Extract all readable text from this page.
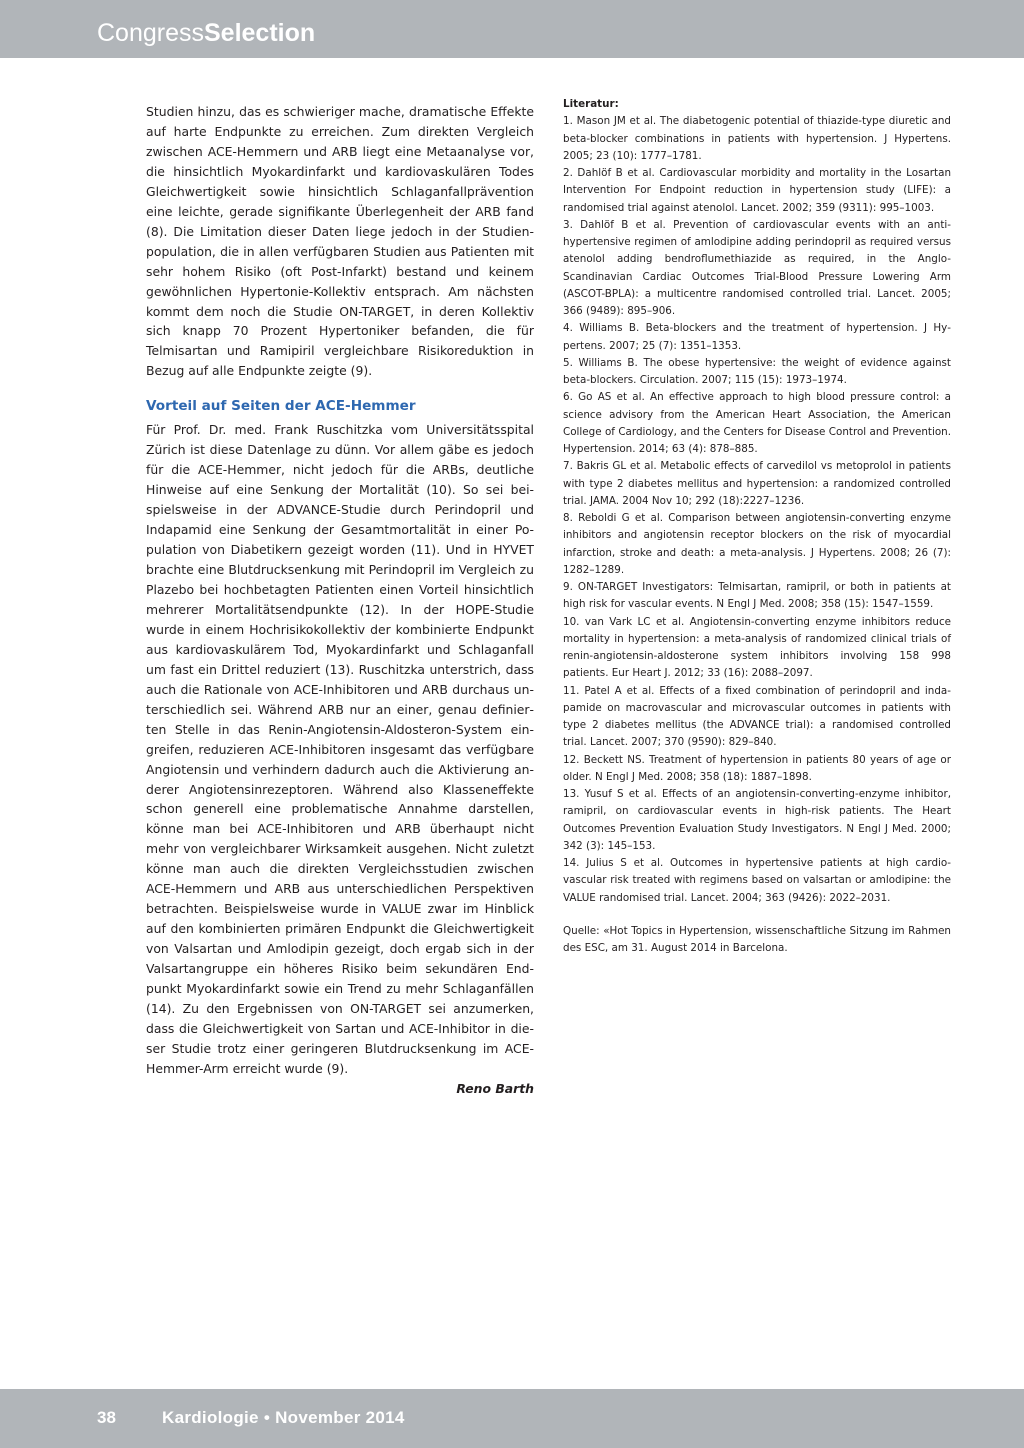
CongressSelection

Studien hinzu, das es schwieriger mache, dramatische Effekte auf harte Endpunkte zu erreichen. Zum direkten Vergleich zwischen ACE-Hemmern und ARB liegt eine Metaanalyse vor, die hinsichtlich Myokardinfarkt und kardiovaskulären Todes Gleichwertigkeit sowie hinsichtlich Schlaganfallprävention eine leichte, gerade signifikante Überlegenheit der ARB fand (8). Die Limitation dieser Daten liege jedoch in der Studienpopulation, die in allen verfügbaren Studien aus Patienten mit sehr hohem Risiko (oft Post-Infarkt) bestand und keinem gewöhnlichen Hypertonie-Kollektiv entsprach. Am nächsten kommt dem noch die Studie ON-TARGET, in deren Kollektiv sich knapp 70 Prozent Hypertoniker befanden, die für Telmisartan und Ramipiril vergleichbare Risikoreduktion in Bezug auf alle Endpunkte zeigte (9).

Vorteil auf Seiten der ACE-Hemmer

Für Prof. Dr. med. Frank Ruschitzka vom Universitätsspital Zürich ist diese Datenlage zu dünn. Vor allem gäbe es jedoch für die ACE-Hemmer, nicht jedoch für die ARBs, deutliche Hinweise auf eine Senkung der Mortalität (10). So sei beispielsweise in der ADVANCE-Studie durch Perindopril und Indapamid eine Senkung der Gesamtmortalität in einer Population von Diabetikern gezeigt worden (11). Und in HYVET brachte eine Blutdrucksenkung mit Perindopril im Vergleich zu Plazebo bei hochbetagten Patienten einen Vorteil hinsichtlich mehrerer Mortalitätsendpunkte (12). In der HOPE-Studie wurde in einem Hochrisikokollektiv der kombinierte Endpunkt aus kardiovaskulärem Tod, Myokardinfarkt und Schlaganfall um fast ein Drittel reduziert (13). Ruschitzka unterstrich, dass auch die Rationale von ACE-Inhibitoren und ARB durchaus unterschiedlich sei. Während ARB nur an einer, genau definierten Stelle in das Renin-Angiotensin-Aldosteron-System eingreifen, reduzieren ACE-Inhibitoren insgesamt das verfügbare Angiotensin und verhindern dadurch auch die Aktivierung anderer Angiotensinrezeptoren. Während also Klasseneffekte schon generell eine problematische Annahme darstellen, könne man bei ACE-Inhibitoren und ARB überhaupt nicht mehr von vergleichbarer Wirksamkeit ausgehen. Nicht zuletzt könne man auch die direkten Vergleichsstudien zwischen ACE-Hemmern und ARB aus unterschiedlichen Perspektiven betrachten. Beispielsweise wurde in VALUE zwar im Hinblick auf den kombinierten primären Endpunkt die Gleichwertigkeit von Valsartan und Amlodipin gezeigt, doch ergab sich in der Valsartangruppe ein höheres Risiko beim sekundären Endpunkt Myokardinfarkt sowie ein Trend zu mehr Schlaganfällen (14). Zu den Ergebnissen von ON-TARGET sei anzumerken, dass die Gleichwertigkeit von Sartan und ACE-Inhibitor in dieser Studie trotz einer geringeren Blutdrucksenkung im ACE-Hemmer-Arm erreicht wurde (9).

Reno Barth

Literatur:

1. Mason JM et al. The diabetogenic potential of thiazide-type diuretic and beta-blocker combinations in patients with hypertension. J Hypertens. 2005; 23 (10): 1777–1781.
2. Dahlöf B et al. Cardiovascular morbidity and mortality in the Losartan Intervention For Endpoint reduction in hypertension study (LIFE): a randomised trial against atenolol. Lancet. 2002; 359 (9311): 995–1003.
3. Dahlöf B et al. Prevention of cardiovascular events with an antihypertensive regimen of amlodipine adding perindopril as required versus atenolol adding bendroflumethiazide as required, in the Anglo-Scandinavian Cardiac Outcomes Trial-Blood Pressure Lowering Arm (ASCOT-BPLA): a multicentre randomised controlled trial. Lancet. 2005; 366 (9489): 895–906.
4. Williams B. Beta-blockers and the treatment of hypertension. J Hypertens. 2007; 25 (7): 1351–1353.
5. Williams B. The obese hypertensive: the weight of evidence against beta-blockers. Circulation. 2007; 115 (15): 1973–1974.
6. Go AS et al. An effective approach to high blood pressure control: a science advisory from the American Heart Association, the American College of Cardiology, and the Centers for Disease Control and Prevention. Hypertension. 2014; 63 (4): 878–885.
7. Bakris GL et al. Metabolic effects of carvedilol vs metoprolol in patients with type 2 diabetes mellitus and hypertension: a randomized controlled trial. JAMA. 2004 Nov 10; 292 (18):2227–1236.
8. Reboldi G et al. Comparison between angiotensin-converting enzyme inhibitors and angiotensin receptor blockers on the risk of myocardial infarction, stroke and death: a meta-analysis. J Hypertens. 2008; 26 (7): 1282–1289.
9. ON-TARGET Investigators: Telmisartan, ramipril, or both in patients at high risk for vascular events. N Engl J Med. 2008; 358 (15): 1547–1559.
10. van Vark LC et al. Angiotensin-converting enzyme inhibitors reduce mortality in hypertension: a meta-analysis of randomized clinical trials of renin-angiotensin-aldosterone system inhibitors involving 158 998 patients. Eur Heart J. 2012; 33 (16): 2088–2097.
11. Patel A et al. Effects of a fixed combination of perindopril and indapamide on macrovascular and microvascular outcomes in patients with type 2 diabetes mellitus (the ADVANCE trial): a randomised controlled trial. Lancet. 2007; 370 (9590): 829–840.
12. Beckett NS. Treatment of hypertension in patients 80 years of age or older. N Engl J Med. 2008; 358 (18): 1887–1898.
13. Yusuf S et al. Effects of an angiotensin-converting-enzyme inhibitor, ramipril, on cardiovascular events in high-risk patients. The Heart Outcomes Prevention Evaluation Study Investigators. N Engl J Med. 2000; 342 (3): 145–153.
14. Julius S et al. Outcomes in hypertensive patients at high cardiovascular risk treated with regimens based on valsartan or amlodipine: the VALUE randomised trial. Lancet. 2004; 363 (9426): 2022–2031.

Quelle: «Hot Topics in Hypertension, wissenschaftliche Sitzung im Rahmen des ESC, am 31. August 2014 in Barcelona.

38	Kardiologie • November 2014
